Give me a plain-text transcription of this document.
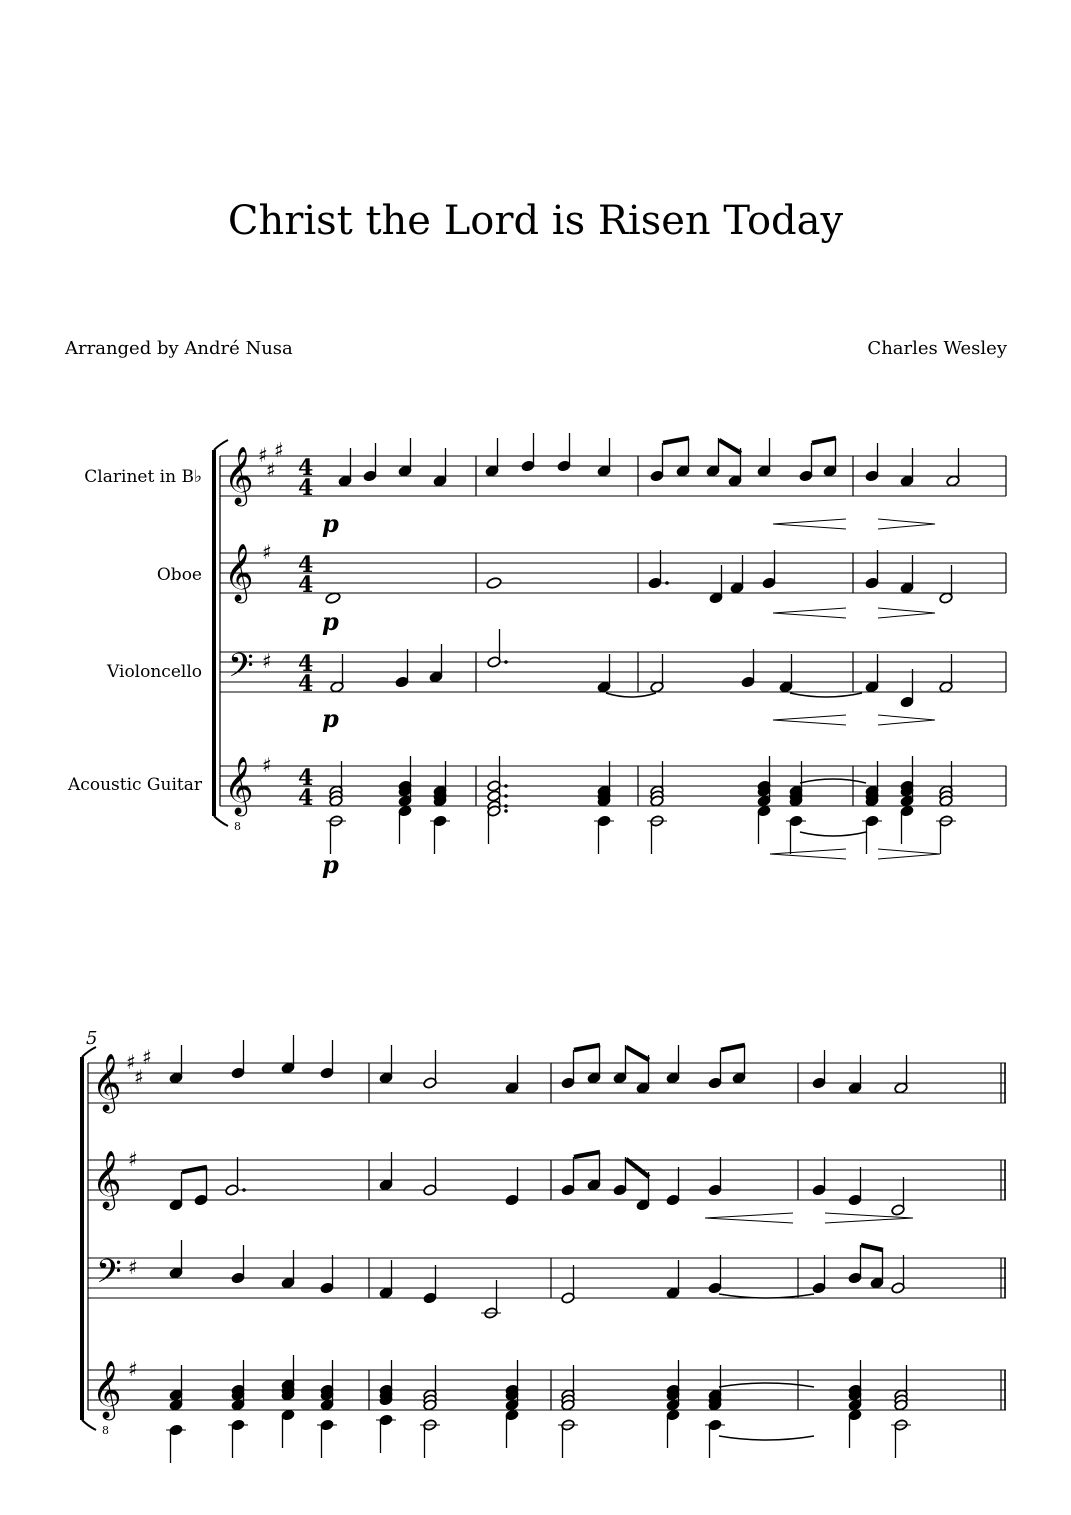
Christ the Lord is Risen Today
Arranged by André Nusa	Charles Wesley
Clarinet in B♭
Oboe
Violoncello
Acoustic Guitar
𝄞 ♯
♯
♯
𝄞 ♯
𝄢 ♯
𝄞 ♯
8
4
4
4
4
4
4
4
4
p
p
p
p
5
𝄞 ♯
♯
♯
𝄞 ♯
𝄢 ♯
𝄞 ♯
8
